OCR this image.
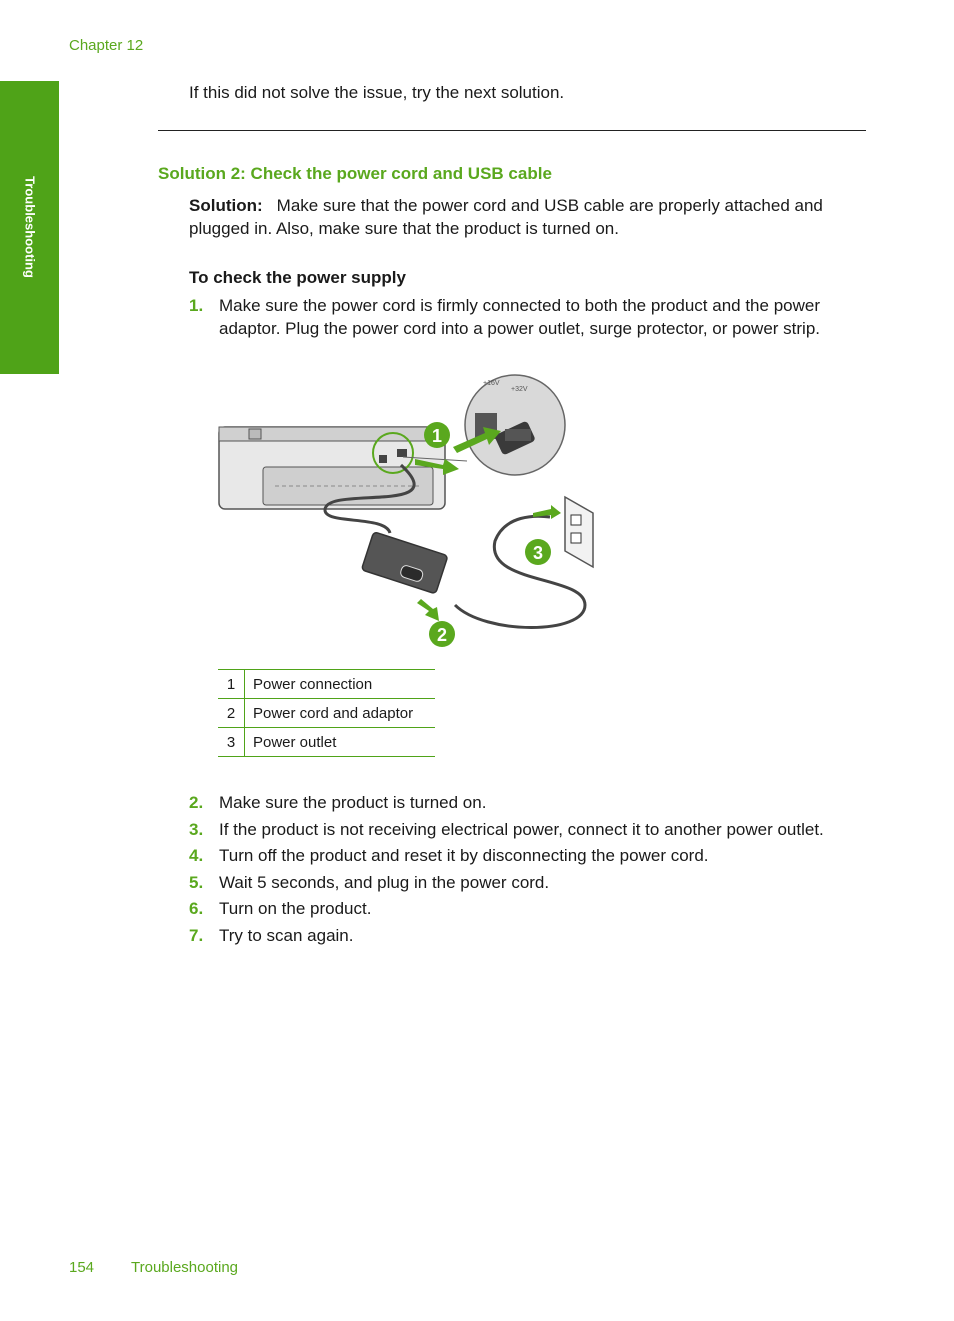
Chapter 12
Troubleshooting
If this did not solve the issue, try the next solution.
Solution 2: Check the power cord and USB cable
Solution: Make sure that the power cord and USB cable are properly attached and plugged in. Also, make sure that the product is turned on.
To check the power supply
1. Make sure the power cord is firmly connected to both the product and the power adaptor. Plug the power cord into a power outlet, surge protector, or power strip.
+16V
+32V
1
2
3
1	Power connection
2	Power cord and adaptor
3	Power outlet
2. Make sure the product is turned on.
3. If the product is not receiving electrical power, connect it to another power outlet.
4. Turn off the product and reset it by disconnecting the power cord.
5. Wait 5 seconds, and plug in the power cord.
6. Turn on the product.
7. Try to scan again.
154 Troubleshooting
